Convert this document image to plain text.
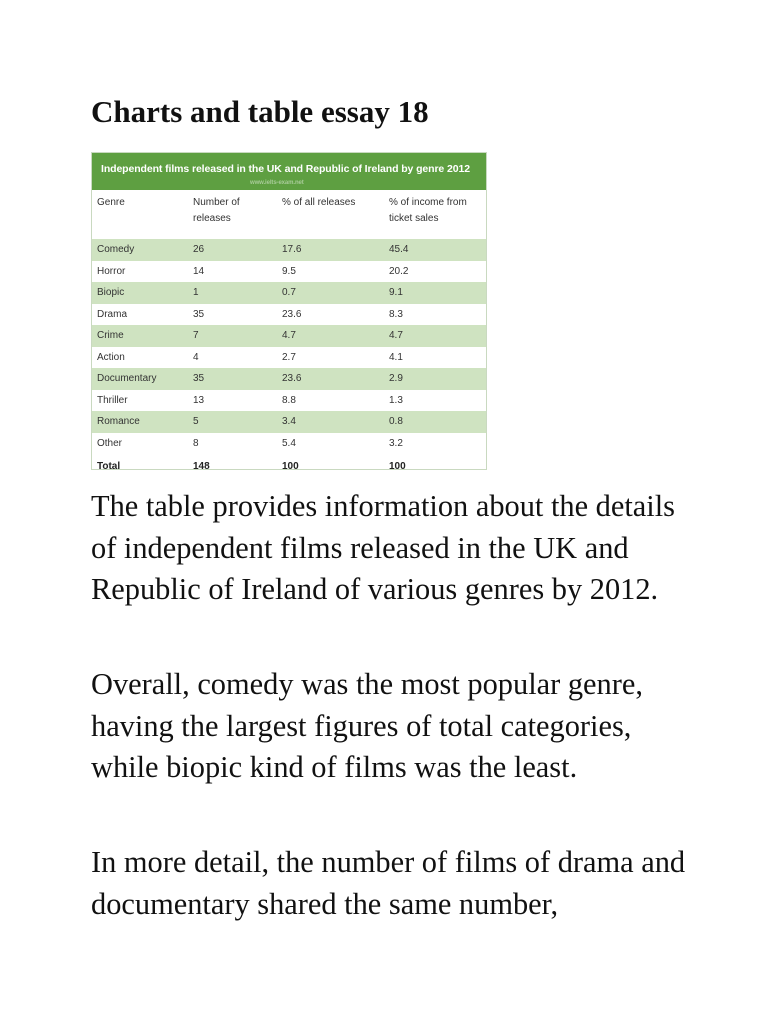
Charts and table essay 18
Independent films released in the UK and Republic of Ireland by genre 2012
www.ielts-exam.net
Genre	Number of releases	% of all releases	% of income from ticket sales
Comedy	26	17.6	45.4
Horror	14	9.5	20.2
Biopic	1	0.7	9.1
Drama	35	23.6	8.3
Crime	7	4.7	4.7
Action	4	2.7	4.1
Documentary	35	23.6	2.9
Thriller	13	8.8	1.3
Romance	5	3.4	0.8
Other	8	5.4	3.2
Total	148	100	100

The table provides information about the details of independent films released in the UK and Republic of Ireland of various genres by 2012.

Overall, comedy was the most popular genre, having the largest figures of total categories, while biopic kind of films was the least.

In more detail, the number of films of drama and documentary shared the same number,
